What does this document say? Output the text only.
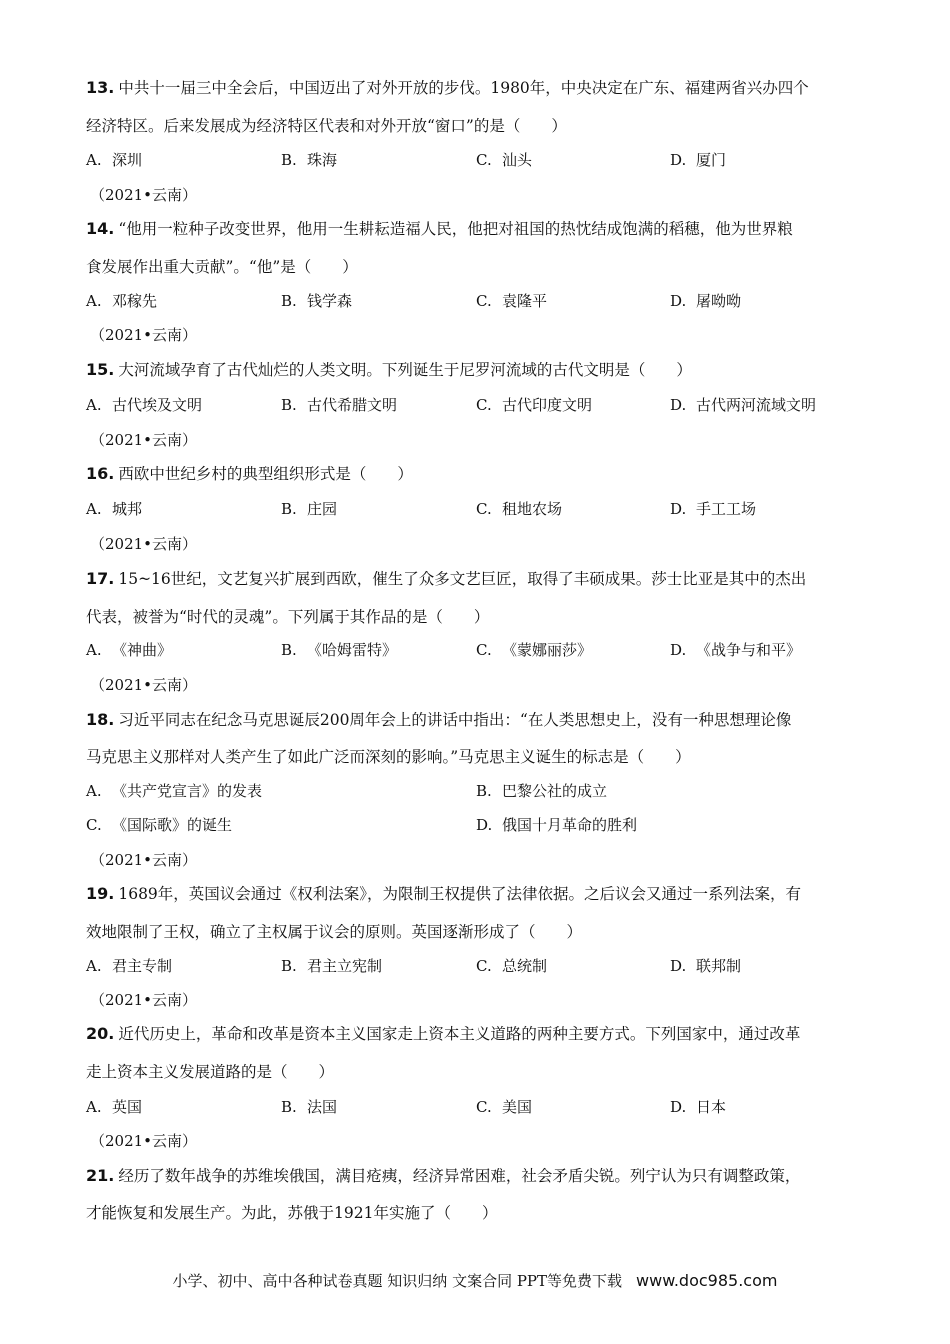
13. 中共十一届三中全会后，中国迈出了对外开放的步伐。1980年，中央决定在广东、福建两省兴办四个
经济特区。后来发展成为经济特区代表和对外开放“窗口”的是（　　）
A. 深圳	B. 珠海	C. 汕头	D. 厦门
（2021•云南）
14. “他用一粒种子改变世界，他用一生耕耘造福人民，他把对祖国的热忱结成饱满的稻穗，他为世界粮
食发展作出重大贡献”。“他”是（　　）
A. 邓稼先	B. 钱学森	C. 袁隆平	D. 屠呦呦
（2021•云南）
15. 大河流域孕育了古代灿烂的人类文明。下列诞生于尼罗河流域的古代文明是（　　）
A. 古代埃及文明	B. 古代希腊文明	C. 古代印度文明	D. 古代两河流域文明
（2021•云南）
16. 西欧中世纪乡村的典型组织形式是（　　）
A. 城邦	B. 庄园	C. 租地农场	D. 手工工场
（2021•云南）
17. 15~16世纪，文艺复兴扩展到西欧，催生了众多文艺巨匠，取得了丰硕成果。莎士比亚是其中的杰出
代表，被誉为“时代的灵魂”。下列属于其作品的是（　　）
A. 《神曲》	B. 《哈姆雷特》	C. 《蒙娜丽莎》	D. 《战争与和平》
（2021•云南）
18. 习近平同志在纪念马克思诞辰200周年会上的讲话中指出：“在人类思想史上，没有一种思想理论像
马克思主义那样对人类产生了如此广泛而深刻的影响。”马克思主义诞生的标志是（　　）
A. 《共产党宣言》的发表	B. 巴黎公社的成立
C. 《国际歌》的诞生	D. 俄国十月革命的胜利
（2021•云南）
19. 1689年，英国议会通过《权利法案》，为限制王权提供了法律依据。之后议会又通过一系列法案，有
效地限制了王权，确立了主权属于议会的原则。英国逐渐形成了（　　）
A. 君主专制	B. 君主立宪制	C. 总统制	D. 联邦制
（2021•云南）
20. 近代历史上，革命和改革是资本主义国家走上资本主义道路的两种主要方式。下列国家中，通过改革
走上资本主义发展道路的是（　　）
A. 英国	B. 法国	C. 美国	D. 日本
（2021•云南）
21. 经历了数年战争的苏维埃俄国，满目疮痍，经济异常困难，社会矛盾尖锐。列宁认为只有调整政策，
才能恢复和发展生产。为此，苏俄于1921年实施了（　　）
小学、初中、高中各种试卷真题 知识归纳 文案合同 PPT等免费下载 www.doc985.com
